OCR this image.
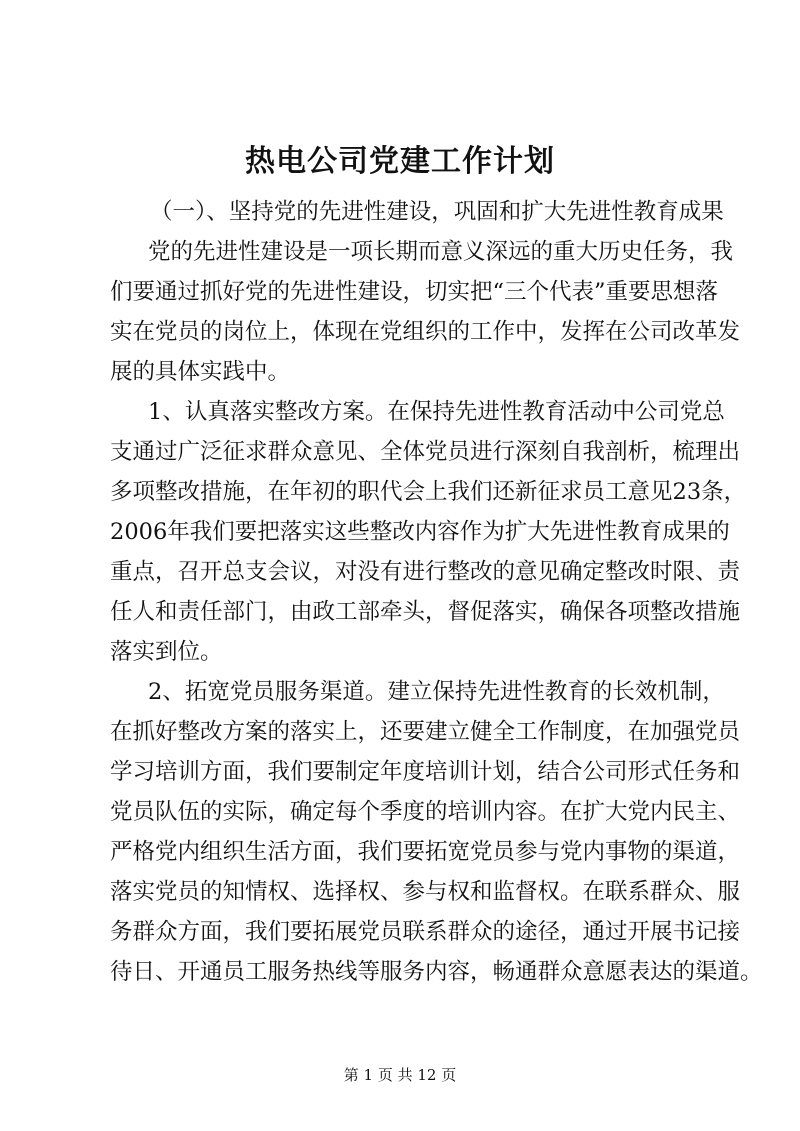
热电公司党建工作计划

（一）、坚持党的先进性建设，巩固和扩大先进性教育成果

党的先进性建设是一项长期而意义深远的重大历史任务，我

们要通过抓好党的先进性建设，切实把“三个代表”重要思想落

实在党员的岗位上，体现在党组织的工作中，发挥在公司改革发

展的具体实践中。

1、认真落实整改方案。在保持先进性教育活动中公司党总

支通过广泛征求群众意见、全体党员进行深刻自我剖析，梳理出

多项整改措施，在年初的职代会上我们还新征求员工意见23条，

2006年我们要把落实这些整改内容作为扩大先进性教育成果的

重点，召开总支会议，对没有进行整改的意见确定整改时限、责

任人和责任部门，由政工部牵头，督促落实，确保各项整改措施

落实到位。

2、拓宽党员服务渠道。建立保持先进性教育的长效机制，

在抓好整改方案的落实上，还要建立健全工作制度，在加强党员

学习培训方面，我们要制定年度培训计划，结合公司形式任务和

党员队伍的实际，确定每个季度的培训内容。在扩大党内民主、

严格党内组织生活方面，我们要拓宽党员参与党内事物的渠道，

落实党员的知情权、选择权、参与权和监督权。在联系群众、服

务群众方面，我们要拓展党员联系群众的途径，通过开展书记接

待日、开通员工服务热线等服务内容，畅通群众意愿表达的渠道。

第 1 页 共 12 页
